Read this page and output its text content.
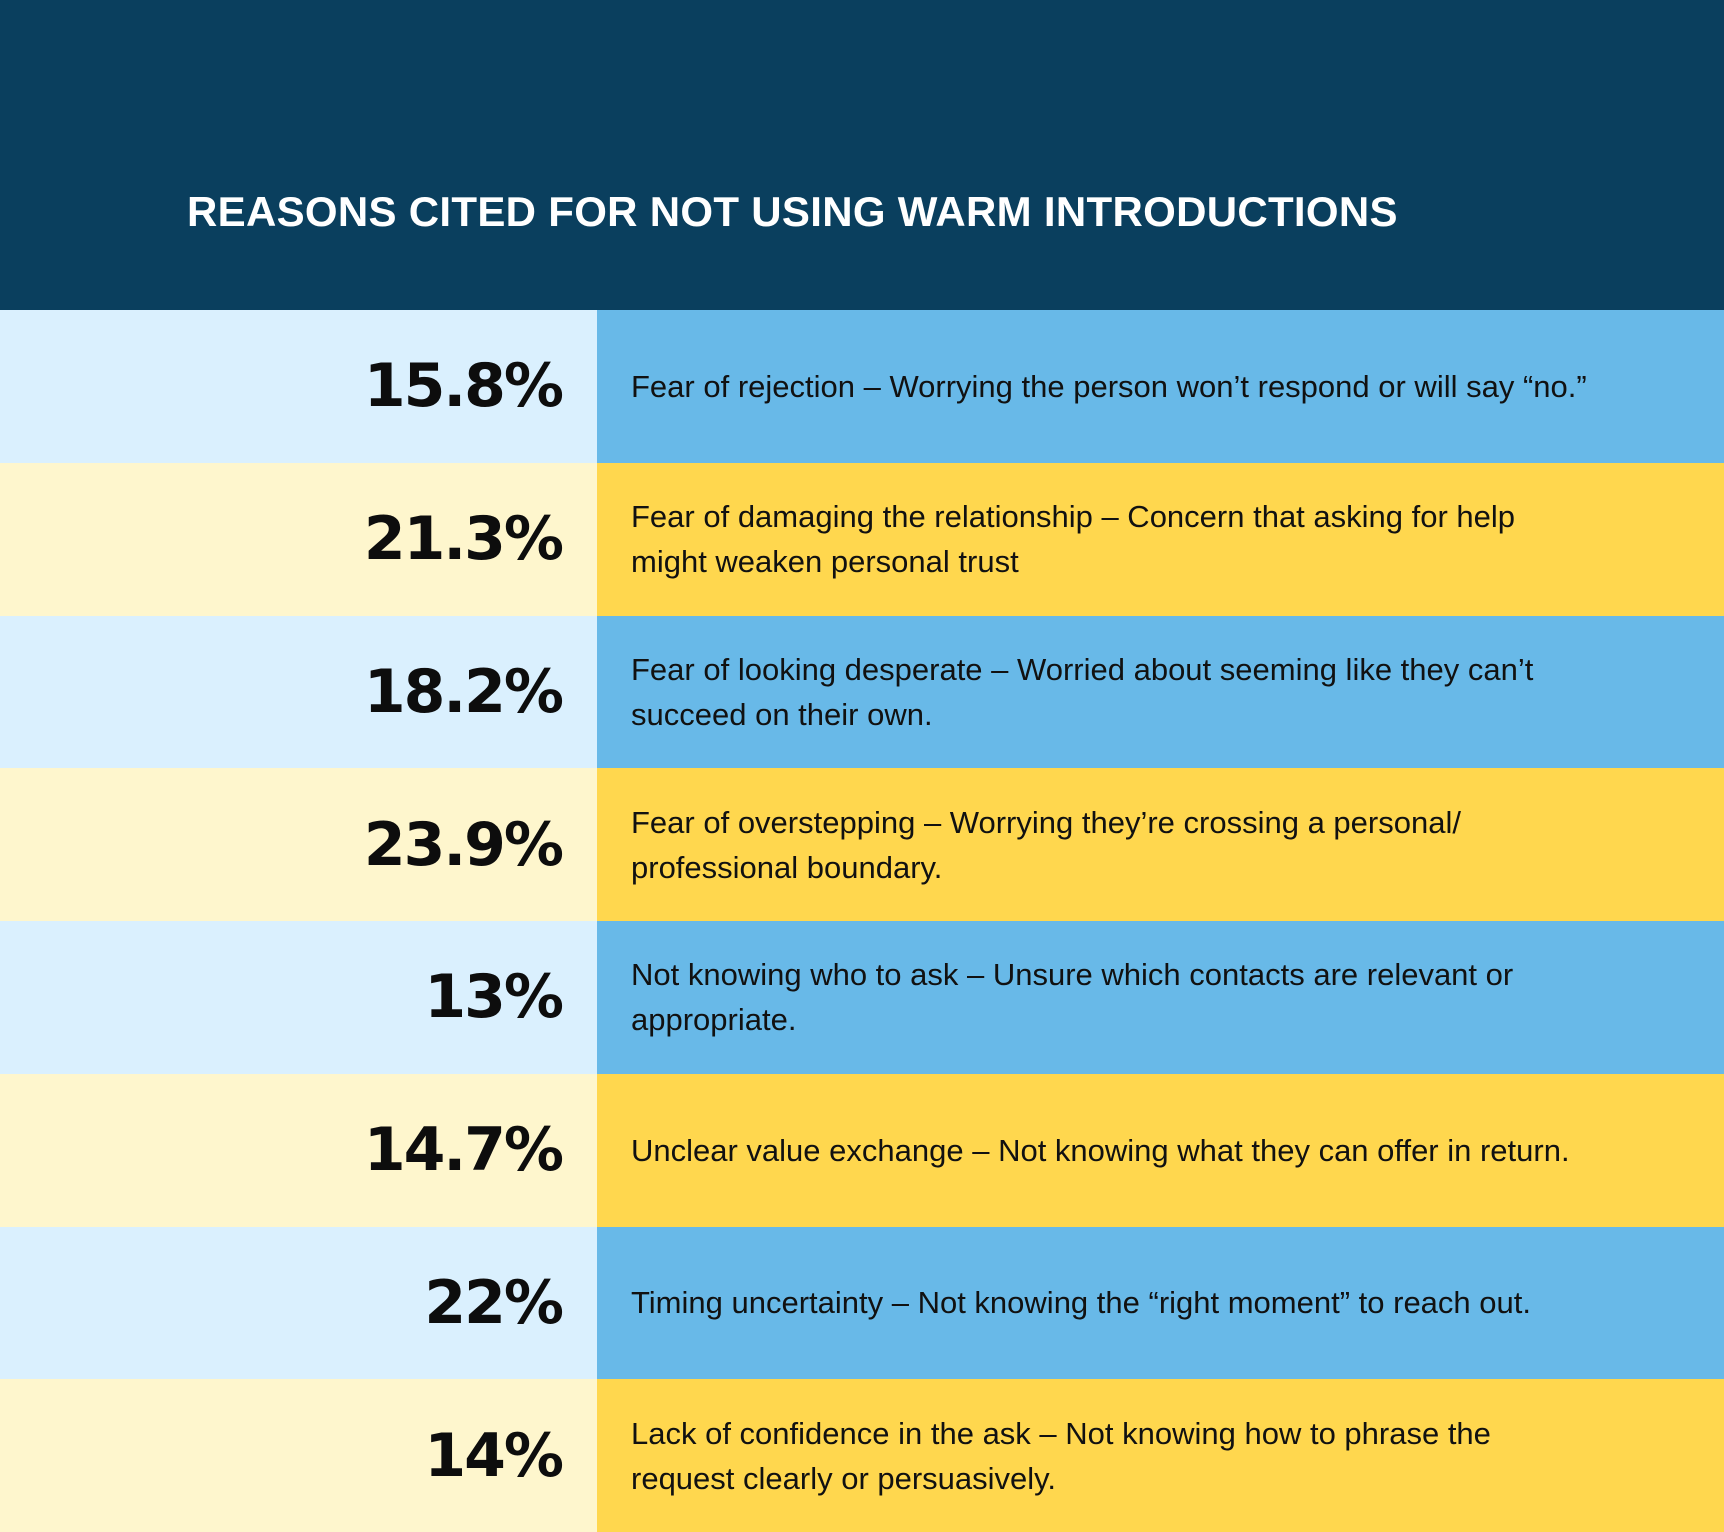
REASONS CITED FOR NOT USING WARM INTRODUCTIONS
15.8% Fear of rejection – Worrying the person won’t respond or will say “no.”
21.3% Fear of damaging the relationship – Concern that asking for help might weaken personal trust
18.2% Fear of looking desperate – Worried about seeming like they can’t succeed on their own.
23.9% Fear of overstepping – Worrying they’re crossing a personal/ professional boundary.
13% Not knowing who to ask – Unsure which contacts are relevant or appropriate.
14.7% Unclear value exchange – Not knowing what they can offer in return.
22% Timing uncertainty – Not knowing the “right moment” to reach out.
14% Lack of confidence in the ask – Not knowing how to phrase the request clearly or persuasively.
